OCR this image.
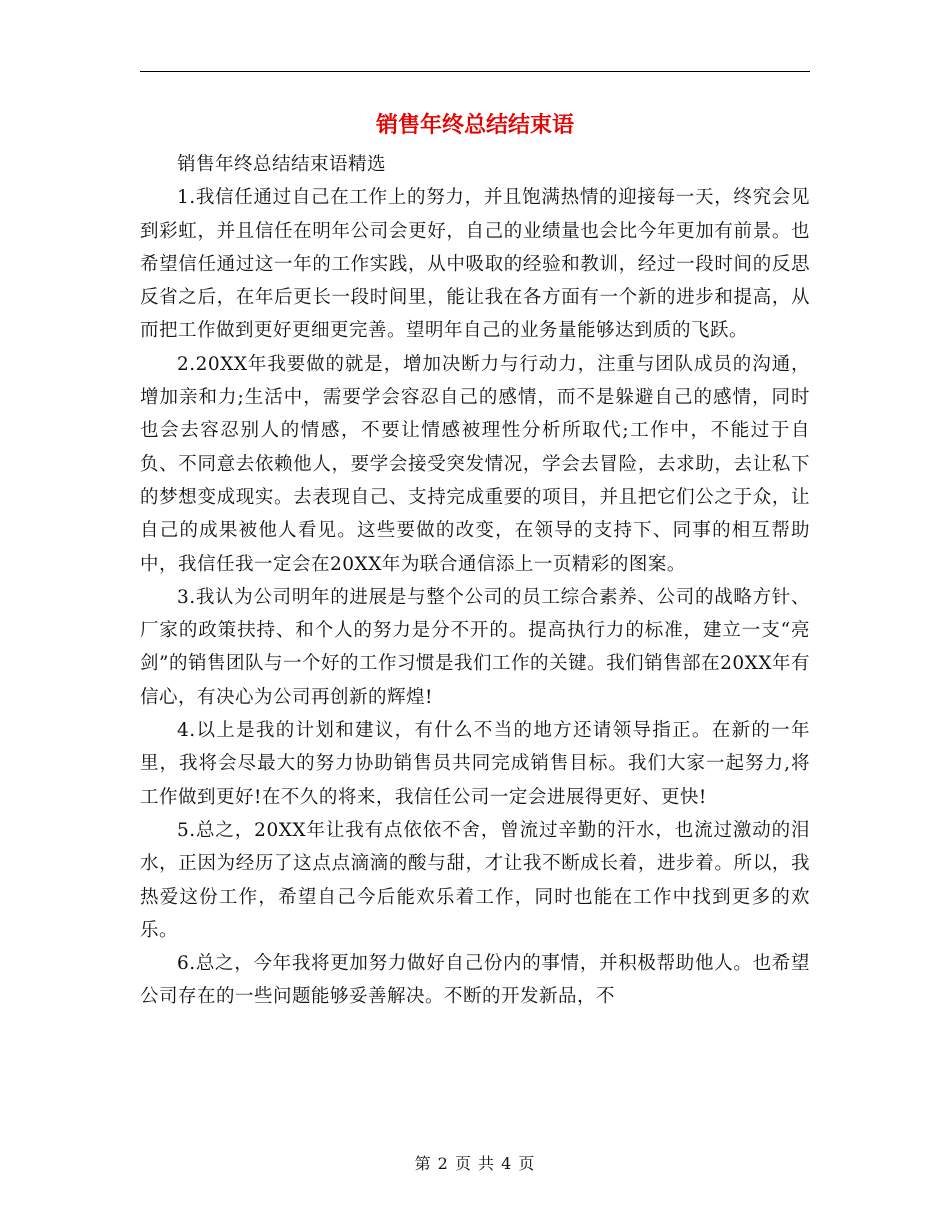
销售年终总结结束语

销售年终总结结束语精选

1.我信任通过自己在工作上的努力，并且饱满热情的迎接每一天，终究会见到彩虹，并且信任在明年公司会更好，自己的业绩量也会比今年更加有前景。也希望信任通过这一年的工作实践，从中吸取的经验和教训，经过一段时间的反思反省之后，在年后更长一段时间里，能让我在各方面有一个新的进步和提高，从而把工作做到更好更细更完善。望明年自己的业务量能够达到质的飞跃。

2.20XX年我要做的就是，增加决断力与行动力，注重与团队成员的沟通，增加亲和力;生活中，需要学会容忍自己的感情，而不是躲避自己的感情，同时也会去容忍别人的情感，不要让情感被理性分析所取代;工作中，不能过于自负、不同意去依赖他人，要学会接受突发情况，学会去冒险，去求助，去让私下的梦想变成现实。去表现自己、支持完成重要的项目，并且把它们公之于众，让自己的成果被他人看见。这些要做的改变，在领导的支持下、同事的相互帮助中，我信任我一定会在20XX年为联合通信添上一页精彩的图案。

3.我认为公司明年的进展是与整个公司的员工综合素养、公司的战略方针、厂家的政策扶持、和个人的努力是分不开的。提高执行力的标准，建立一支“亮剑”的销售团队与一个好的工作习惯是我们工作的关键。我们销售部在20XX年有信心，有决心为公司再创新的辉煌!

4.以上是我的计划和建议，有什么不当的地方还请领导指正。在新的一年里，我将会尽最大的努力协助销售员共同完成销售目标。我们大家一起努力,将工作做到更好!在不久的将来，我信任公司一定会进展得更好、更快!

5.总之，20XX年让我有点依依不舍，曾流过辛勤的汗水，也流过激动的泪水，正因为经历了这点点滴滴的酸与甜，才让我不断成长着，进步着。所以，我热爱这份工作，希望自己今后能欢乐着工作，同时也能在工作中找到更多的欢乐。

6.总之，今年我将更加努力做好自己份内的事情，并积极帮助他人。也希望公司存在的一些问题能够妥善解决。不断的开发新品，不

第 2 页 共 4 页
